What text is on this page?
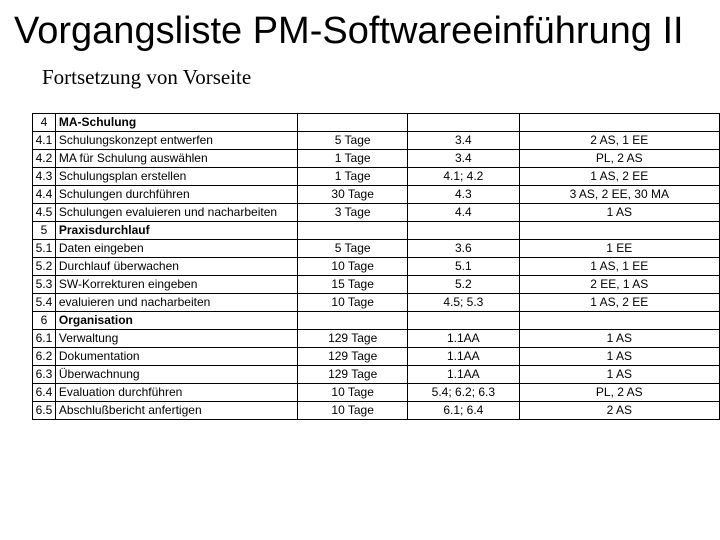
Vorgangsliste PM-Softwareeinführung II
Fortsetzung von Vorseite
4	MA-Schulung			
4.1	Schulungskonzept entwerfen	5 Tage	3.4	2 AS, 1 EE
4.2	MA für Schulung auswählen	1 Tage	3.4	PL, 2 AS
4.3	Schulungsplan erstellen	1 Tage	4.1; 4.2	1 AS, 2 EE
4.4	Schulungen durchführen	30 Tage	4.3	3 AS, 2 EE, 30 MA
4.5	Schulungen evaluieren und nacharbeiten	3 Tage	4.4	1 AS
5	Praxisdurchlauf			
5.1	Daten eingeben	5 Tage	3.6	1 EE
5.2	Durchlauf überwachen	10 Tage	5.1	1 AS, 1 EE
5.3	SW-Korrekturen eingeben	15 Tage	5.2	2 EE, 1 AS
5.4	evaluieren und nacharbeiten	10 Tage	4.5; 5.3	1 AS, 2 EE
6	Organisation			
6.1	Verwaltung	129 Tage	1.1AA	1 AS
6.2	Dokumentation	129 Tage	1.1AA	1 AS
6.3	Überwachnung	129 Tage	1.1AA	1 AS
6.4	Evaluation durchführen	10 Tage	5.4; 6.2; 6.3	PL, 2 AS
6.5	Abschlußbericht anfertigen	10 Tage	6.1; 6.4	2 AS
